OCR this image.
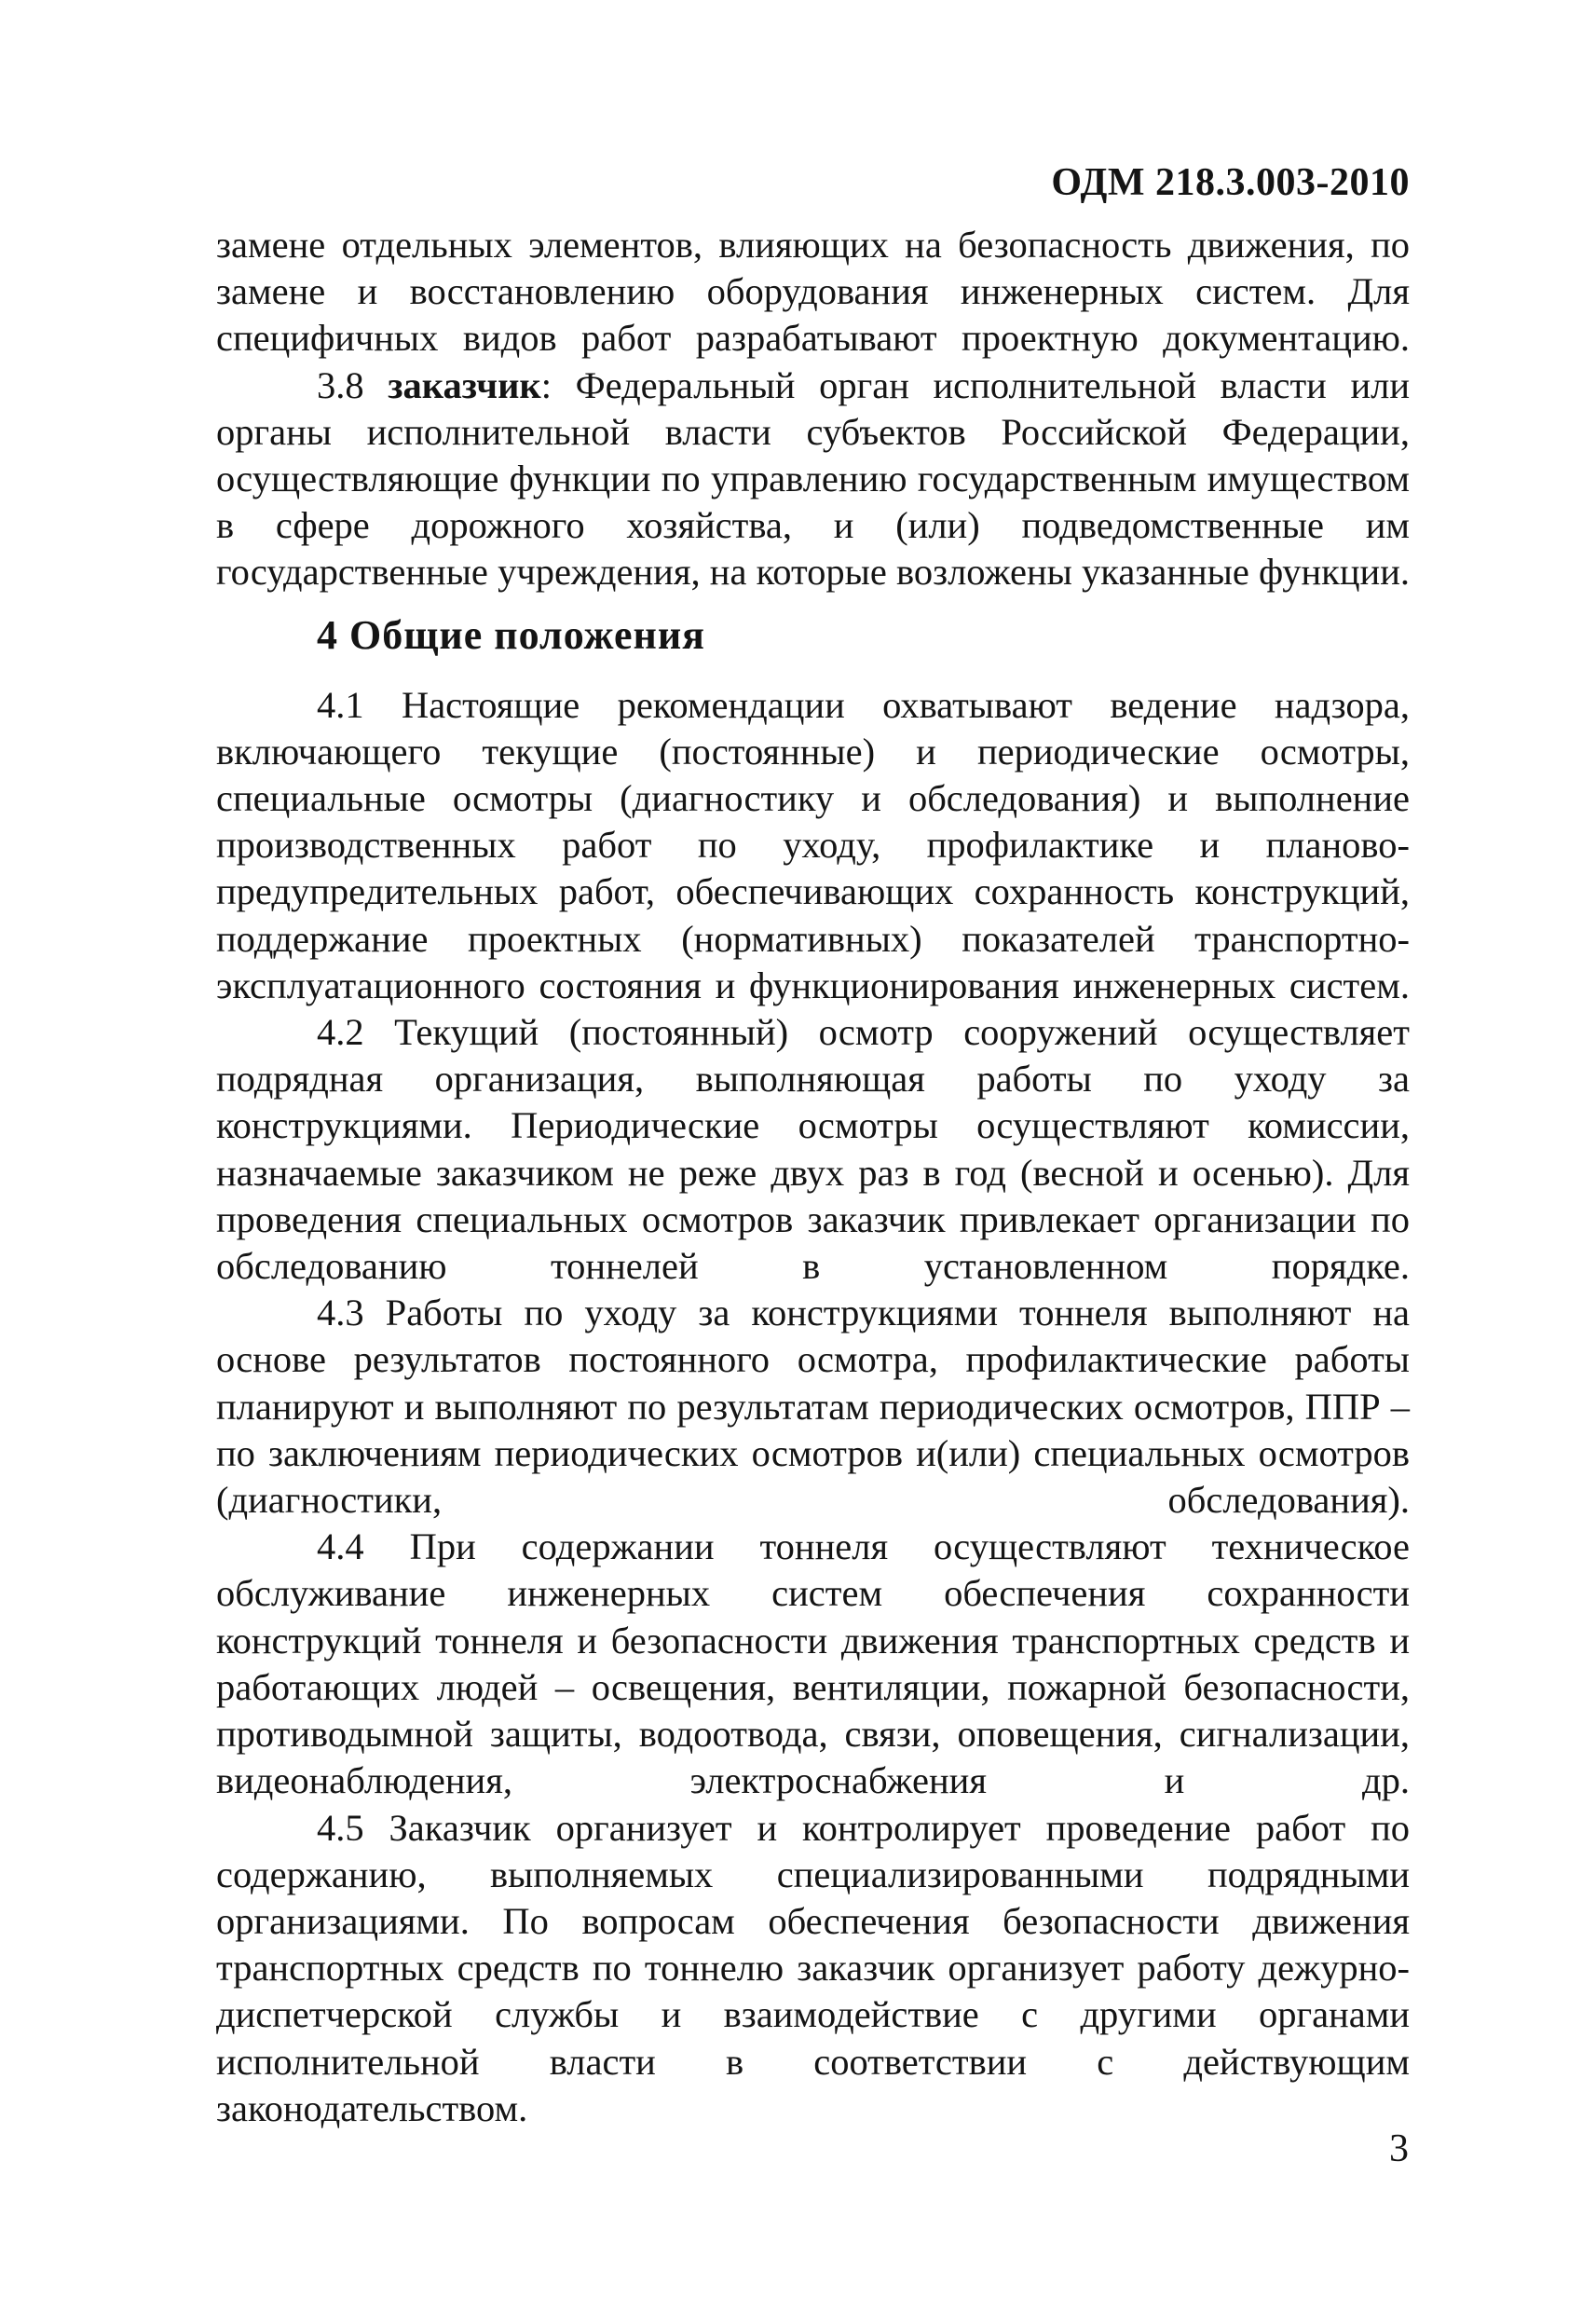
ОДМ 218.3.003-2010

замене отдельных элементов, влияющих на безопасность движения, по замене и восстановлению оборудования инженерных систем. Для специфичных видов работ разрабатывают проектную документацию.

3.8 заказчик: Федеральный орган исполнительной власти или органы исполнительной власти субъектов Российской Федерации, осуществляющие функции по управлению государственным имуществом в сфере дорожного хозяйства, и (или) подведомственные им государственные учреждения, на которые возложены указанные функции.

4 Общие положения

4.1 Настоящие рекомендации охватывают ведение надзора, включающего текущие (постоянные) и периодические осмотры, специальные осмотры (диагностику и обследования) и выполнение производственных работ по уходу, профилактике и планово-предупредительных работ, обеспечивающих сохранность конструкций, поддержание проектных (нормативных) показателей транспортно-эксплуатационного состояния и функционирования инженерных систем.

4.2 Текущий (постоянный) осмотр сооружений осуществляет подрядная организация, выполняющая работы по уходу за конструкциями. Периодические осмотры осуществляют комиссии, назначаемые заказчиком не реже двух раз в год (весной и осенью). Для проведения специальных осмотров заказчик привлекает организации по обследованию тоннелей в установленном порядке.

4.3 Работы по уходу за конструкциями тоннеля выполняют на основе результатов постоянного осмотра, профилактические работы планируют и выполняют по результатам периодических осмотров, ППР – по заключениям периодических осмотров и(или) специальных осмотров (диагностики, обследования).

4.4 При содержании тоннеля осуществляют техническое обслуживание инженерных систем обеспечения сохранности конструкций тоннеля и безопасности движения транспортных средств и работающих людей – освещения, вентиляции, пожарной безопасности, противодымной защиты, водоотвода, связи, оповещения, сигнализации, видеонаблюдения, электроснабжения и др.

4.5 Заказчик организует и контролирует проведение работ по содержанию, выполняемых специализированными подрядными организациями. По вопросам обеспечения безопасности движения транспортных средств по тоннелю заказчик организует работу дежурно-диспетчерской службы и взаимодействие с другими органами исполнительной власти в соответствии с действующим законодательством.

3
